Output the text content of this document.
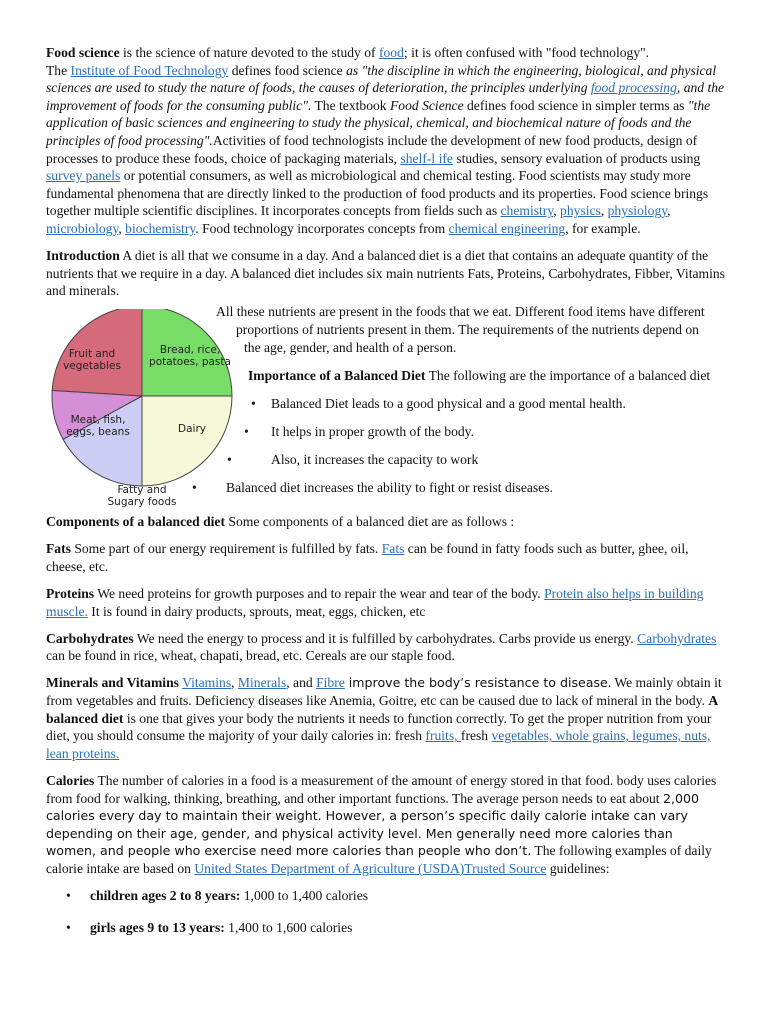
Food science is the science of nature devoted to the study of food; it is often confused with "food technology".
The Institute of Food Technology defines food science as "the discipline in which the engineering, biological, and physical sciences are used to study the nature of foods, the causes of deterioration, the principles underlying food processing, and the improvement of foods for the consuming public". The textbook Food Science defines food science in simpler terms as "the application of basic sciences and engineering to study the physical, chemical, and biochemical nature of foods and the principles of food processing".Activities of food technologists include the development of new food products, design of processes to produce these foods, choice of packaging materials, shelf-l ife studies, sensory evaluation of products using survey panels or potential consumers, as well as microbiological and chemical testing. Food scientists may study more fundamental phenomena that are directly linked to the production of food products and its properties. Food science brings together multiple scientific disciplines. It incorporates concepts from fields such as chemistry, physics, physiology, microbiology, biochemistry. Food technology incorporates concepts from chemical engineering, for example.

Introduction A diet is all that we consume in a day. And a balanced diet is a diet that contains an adequate quantity of the nutrients that we require in a day. A balanced diet includes six main nutrients Fats, Proteins, Carbohydrates, Fibber, Vitamins and minerals.

Fruit and vegetables
Bread, rice, potatoes, pasta
Dairy
Meat, fish, eggs, beans
Fatty and Sugary foods
All these nutrients are present in the foods that we eat. Different food items have different
proportions of nutrients present in them. The requirements of the nutrients depend on
the age, gender, and health of a person.
Importance of a Balanced Diet The following are the importance of a balanced diet
• Balanced Diet leads to a good physical and a good mental health.
• It helps in proper growth of the body.
•	Also, it increases the capacity to work
• Balanced diet increases the ability to fight or resist diseases.

Components of a balanced diet Some components of a balanced diet are as follows :

Fats Some part of our energy requirement is fulfilled by fats. Fats can be found in fatty foods such as butter, ghee, oil, cheese, etc.

Proteins We need proteins for growth purposes and to repair the wear and tear of the body. Protein also helps in building muscle. It is found in dairy products, sprouts, meat, eggs, chicken, etc

Carbohydrates We need the energy to process and it is fulfilled by carbohydrates. Carbs provide us energy. Carbohydrates can be found in rice, wheat, chapati, bread, etc. Cereals are our staple food.

Minerals and Vitamins Vitamins, Minerals, and Fibre improve the body’s resistance to disease. We mainly obtain it from vegetables and fruits. Deficiency diseases like Anemia, Goitre, etc can be caused due to lack of mineral in the body. A balanced diet is one that gives your body the nutrients it needs to function correctly. To get the proper nutrition from your diet, you should consume the majority of your daily calories in: fresh fruits, fresh vegetables, whole grains, legumes, nuts, lean proteins.

Calories The number of calories in a food is a measurement of the amount of energy stored in that food. body uses calories from food for walking, thinking, breathing, and other important functions. The average person needs to eat about 2,000 calories every day to maintain their weight. However, a person’s specific daily calorie intake can vary depending on their age, gender, and physical activity level. Men generally need more calories than women, and people who exercise need more calories than people who don’t. The following examples of daily calorie intake are based on United States Department of Agriculture (USDA)Trusted Source guidelines:

• children ages 2 to 8 years: 1,000 to 1,400 calories
• girls ages 9 to 13 years: 1,400 to 1,600 calories
